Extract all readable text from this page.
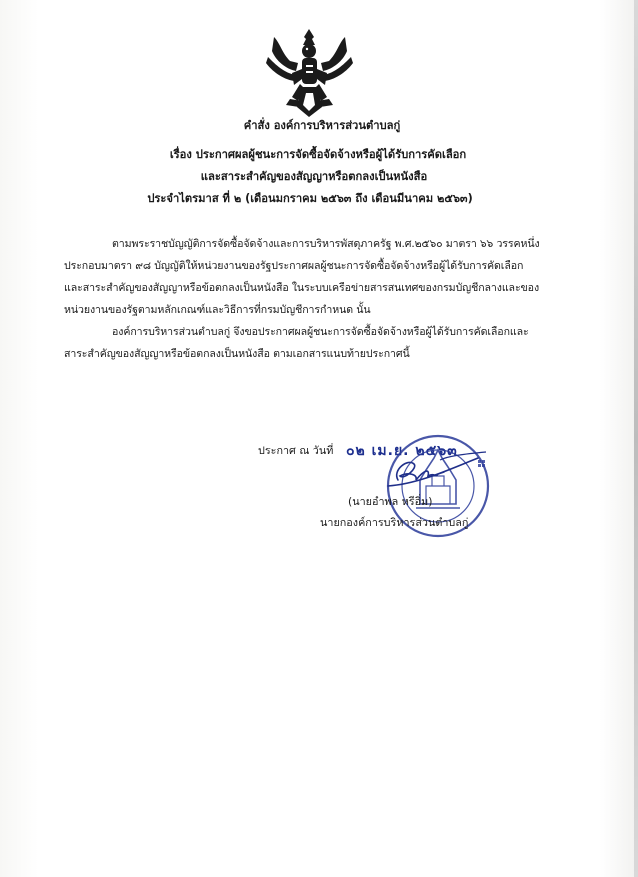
คำสั่ง องค์การบริหารส่วนตำบลกู่
เรื่อง ประกาศผลผู้ชนะการจัดซื้อจัดจ้างหรือผู้ได้รับการคัดเลือก
และสาระสำคัญของสัญญาหรือตกลงเป็นหนังสือ
ประจำไตรมาส ที่ ๒ (เดือนมกราคม ๒๕๖๓ ถึง เดือนมีนาคม ๒๕๖๓)
ตามพระราชบัญญัติการจัดซื้อจัดจ้างและการบริหารพัสดุภาครัฐ พ.ศ.๒๕๖๐ มาตรา ๖๖ วรรคหนึ่ง
ประกอบมาตรา ๙๘ บัญญัติให้หน่วยงานของรัฐประกาศผลผู้ชนะการจัดซื้อจัดจ้างหรือผู้ได้รับการคัดเลือก
และสาระสำคัญของสัญญาหรือข้อตกลงเป็นหนังสือ ในระบบเครือข่ายสารสนเทศของกรมบัญชีกลางและของ
หน่วยงานของรัฐตามหลักเกณฑ์และวิธีการที่กรมบัญชีการกำหนด นั้น
องค์การบริหารส่วนตำบลกู่ จึงขอประกาศผลผู้ชนะการจัดซื้อจัดจ้างหรือผู้ได้รับการคัดเลือกและ
สาระสำคัญของสัญญาหรือข้อตกลงเป็นหนังสือ ตามเอกสารแนบท้ายประกาศนี้
ประกาศ ณ วันที่ ๐๒ เม.ย. ๒๕๖๓
(นายอำพล หรีอิ่ม)
นายกองค์การบริหารส่วนตำบลกู่
